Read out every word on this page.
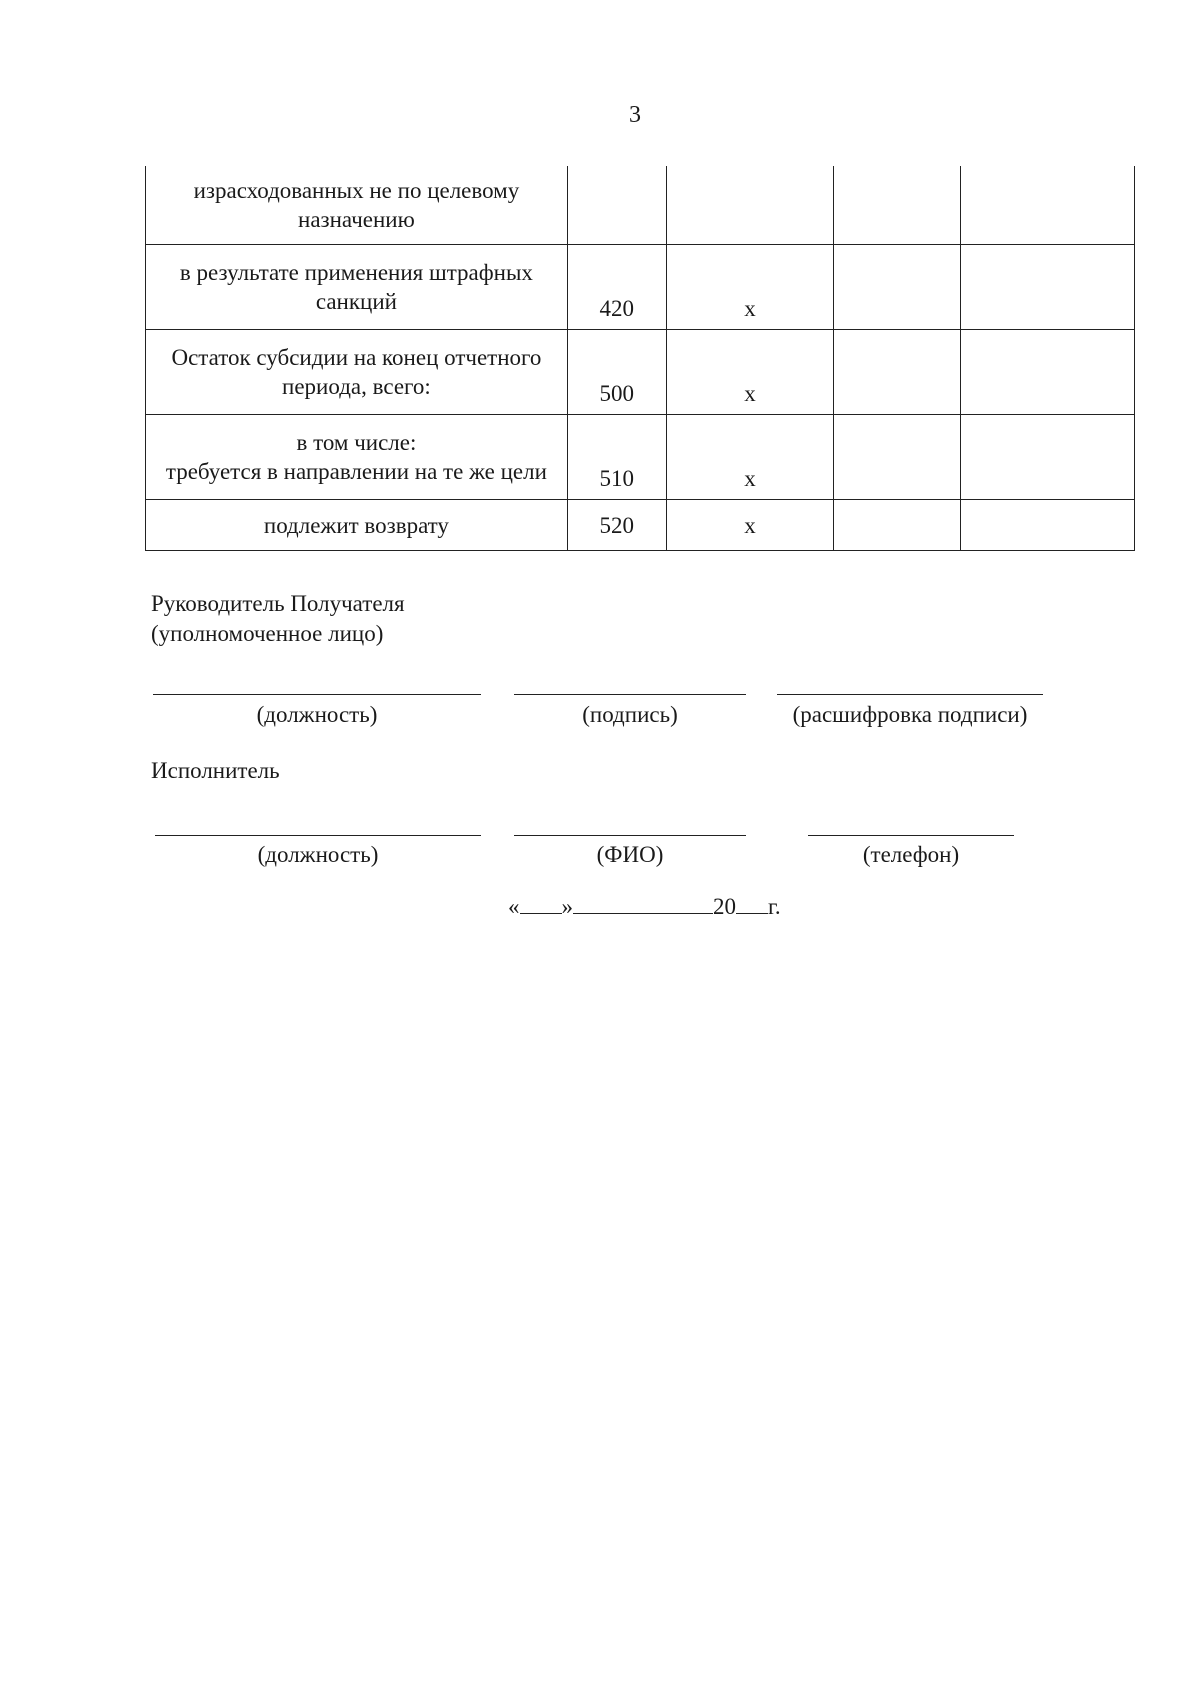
3
израсходованных не по целевому назначению				
в результате применения штрафных санкций	420	х		
Остаток субсидии на конец отчетного периода, всего:	500	х		

в том числе:
требуется в направлении на те же цели	510	х		
подлежит возврату	520	х		
Руководитель Получателя
(уполномоченное лицо)
(должность)	(подпись)	(расшифровка подписи)
Исполнитель
(должность)	(ФИО)	(телефон)
« »	20 г.
